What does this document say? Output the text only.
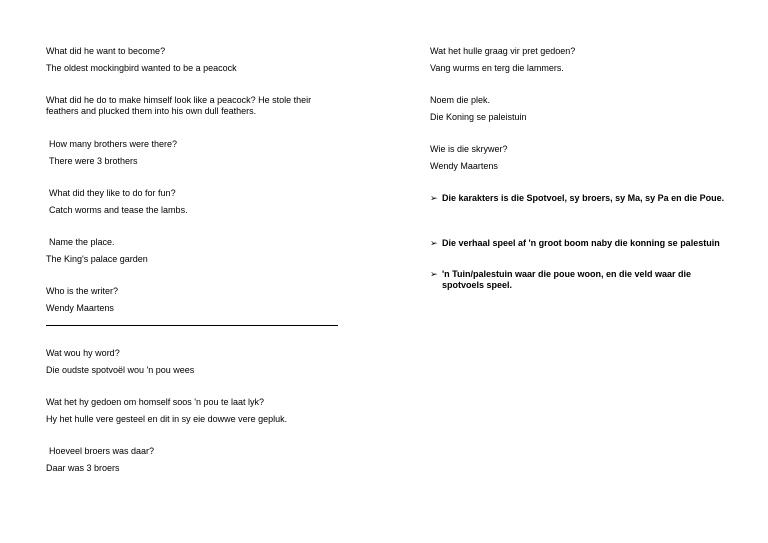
What did he want to become?
The oldest mockingbird wanted to be a peacock
What did he do to make himself look like a peacock? He stole their feathers and plucked them into his own dull feathers.
How many brothers were there?
There were 3 brothers
What did they like to do for fun?
Catch worms and tease the lambs.
Name the place.
The King's palace garden
Who is the writer?
Wendy Maartens
Wat wou hy word?
Die oudste spotvoël wou 'n pou wees
Wat het hy gedoen om homself soos 'n pou te laat lyk?
Hy het hulle vere gesteel en dit in sy eie dowwe vere gepluk.
Hoeveel broers was daar?
Daar was 3 broers
Wat het hulle graag vir pret gedoen?
Vang wurms en terg die lammers.
Noem die plek.
Die Koning se paleistuin
Wie is die skrywer?
Wendy Maartens
➢ Die karakters is die Spotvoel, sy broers, sy Ma, sy Pa en die Poue.
➢ Die verhaal speel af 'n groot boom naby die konning se palestuin
➢ 'n Tuin/palestuin waar die poue woon, en die veld waar die spotvoels speel.
